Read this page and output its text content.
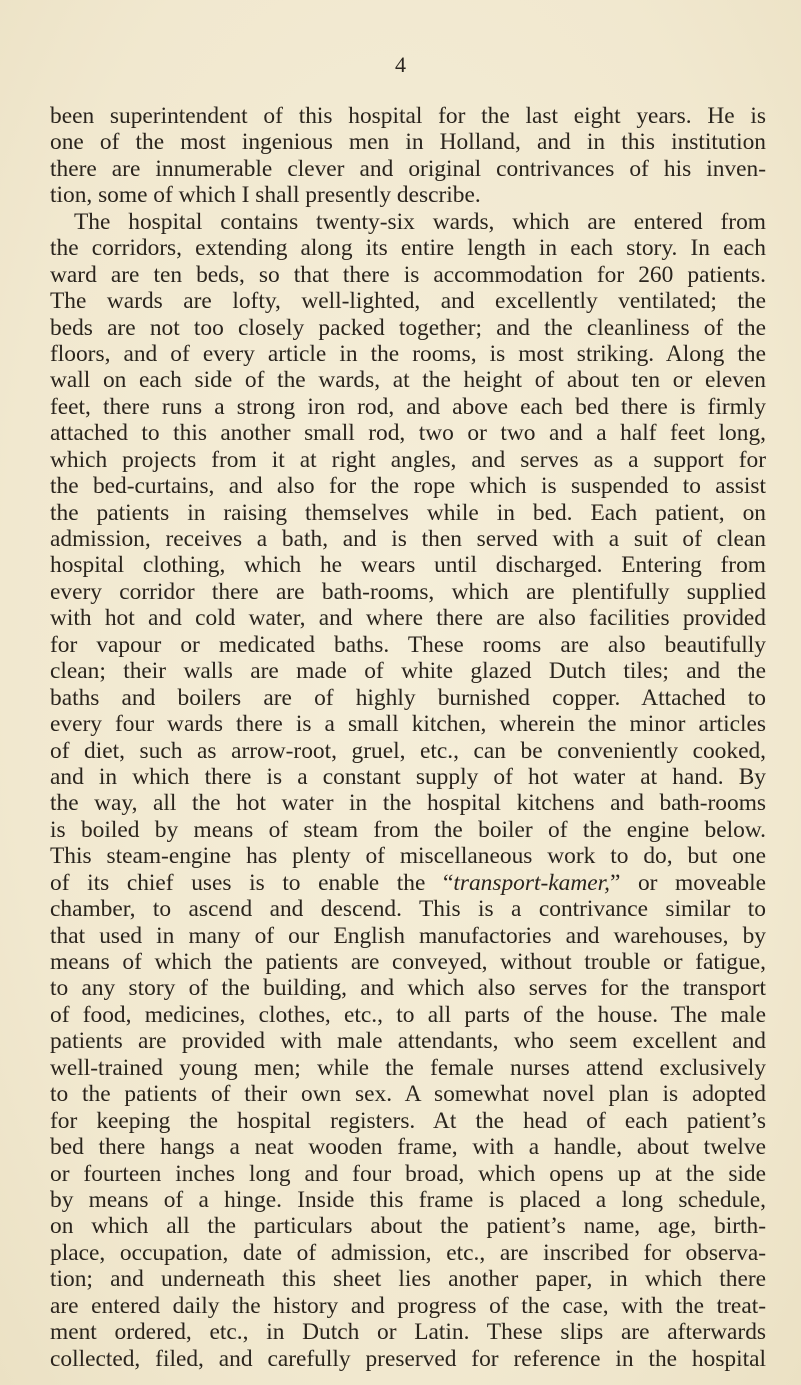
4
been superintendent of this hospital for the last eight years. He is
one of the most ingenious men in Holland, and in this institution
there are innumerable clever and original contrivances of his inven-
tion, some of which I shall presently describe.
The hospital contains twenty-six wards, which are entered from
the corridors, extending along its entire length in each story. In each
ward are ten beds, so that there is accommodation for 260 patients.
The wards are lofty, well-lighted, and excellently ventilated; the
beds are not too closely packed together; and the cleanliness of the
floors, and of every article in the rooms, is most striking. Along the
wall on each side of the wards, at the height of about ten or eleven
feet, there runs a strong iron rod, and above each bed there is firmly
attached to this another small rod, two or two and a half feet long,
which projects from it at right angles, and serves as a support for
the bed-curtains, and also for the rope which is suspended to assist
the patients in raising themselves while in bed. Each patient, on
admission, receives a bath, and is then served with a suit of clean
hospital clothing, which he wears until discharged. Entering from
every corridor there are bath-rooms, which are plentifully supplied
with hot and cold water, and where there are also facilities provided
for vapour or medicated baths. These rooms are also beautifully
clean; their walls are made of white glazed Dutch tiles; and the
baths and boilers are of highly burnished copper. Attached to
every four wards there is a small kitchen, wherein the minor articles
of diet, such as arrow-root, gruel, etc., can be conveniently cooked,
and in which there is a constant supply of hot water at hand. By
the way, all the hot water in the hospital kitchens and bath-rooms
is boiled by means of steam from the boiler of the engine below.
This steam-engine has plenty of miscellaneous work to do, but one
of its chief uses is to enable the “transport-kamer,” or moveable
chamber, to ascend and descend. This is a contrivance similar to
that used in many of our English manufactories and warehouses, by
means of which the patients are conveyed, without trouble or fatigue,
to any story of the building, and which also serves for the transport
of food, medicines, clothes, etc., to all parts of the house. The male
patients are provided with male attendants, who seem excellent and
well-trained young men; while the female nurses attend exclusively
to the patients of their own sex. A somewhat novel plan is adopted
for keeping the hospital registers. At the head of each patient’s
bed there hangs a neat wooden frame, with a handle, about twelve
or fourteen inches long and four broad, which opens up at the side
by means of a hinge. Inside this frame is placed a long schedule,
on which all the particulars about the patient’s name, age, birth-
place, occupation, date of admission, etc., are inscribed for observa-
tion; and underneath this sheet lies another paper, in which there
are entered daily the history and progress of the case, with the treat-
ment ordered, etc., in Dutch or Latin. These slips are afterwards
collected, filed, and carefully preserved for reference in the hospital
